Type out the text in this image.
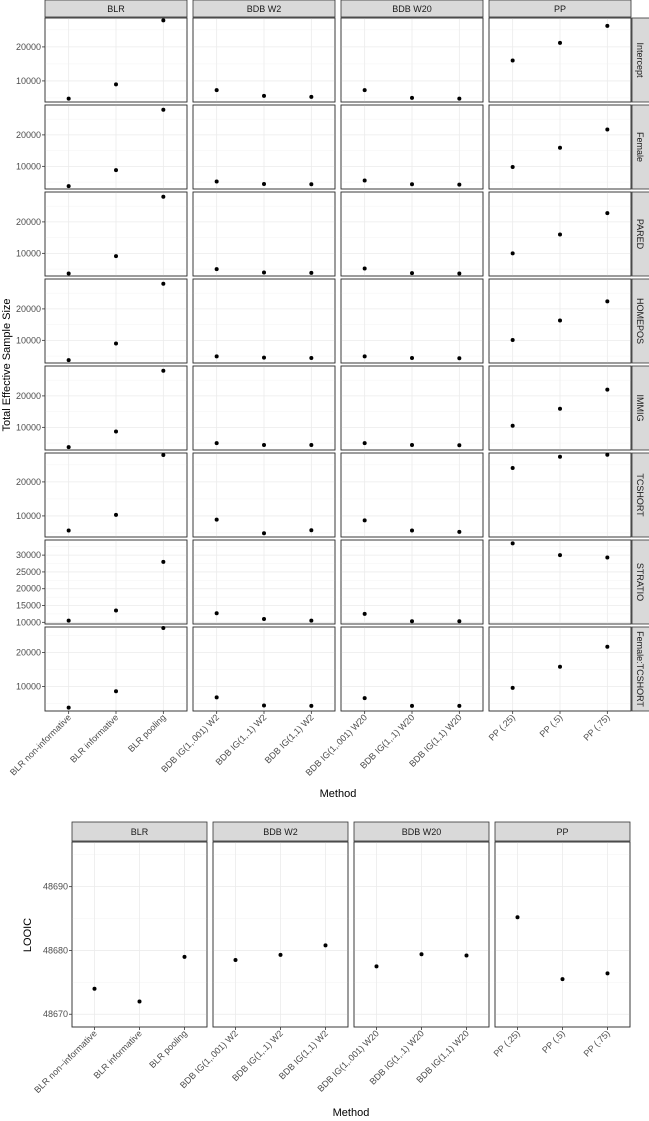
BLR	BDB W2	BDB W20	PP
Intercept
10000
20000
Female
10000
20000
PARED
10000
20000
HOMEPOS
10000
20000
IMMIG
10000
20000
TCSHORT
10000
20000
STRATIO
10000
15000
20000
25000
30000
Female:TCSHORT
10000
20000
BLR non-informative
BLR informative BLR pooling
BDB IG(1,.001) W2
BDB IG(1,.1) W2
BDB IG(1,1) W2
BDB IG(1,.001) W20
BDB IG(1,.1) W20
BDB IG(1,1) W20	PP (.25) PP (.5) PP (.75)
Method
Total Effective Sample Size
BLR	BDB W2	BDB W20	PP
48670
48680
48690
BLR non−informative
BLR informative BLR pooling
BDB IG(1,.001) W2
BDB IG(1,.1) W2
BDB IG(1,1) W2
BDB IG(1,.001) W20
BDB IG(1,.1) W20
BDB IG(1,1) W20 PP (.25) PP (.5) PP (.75)
Method
LOOIC
